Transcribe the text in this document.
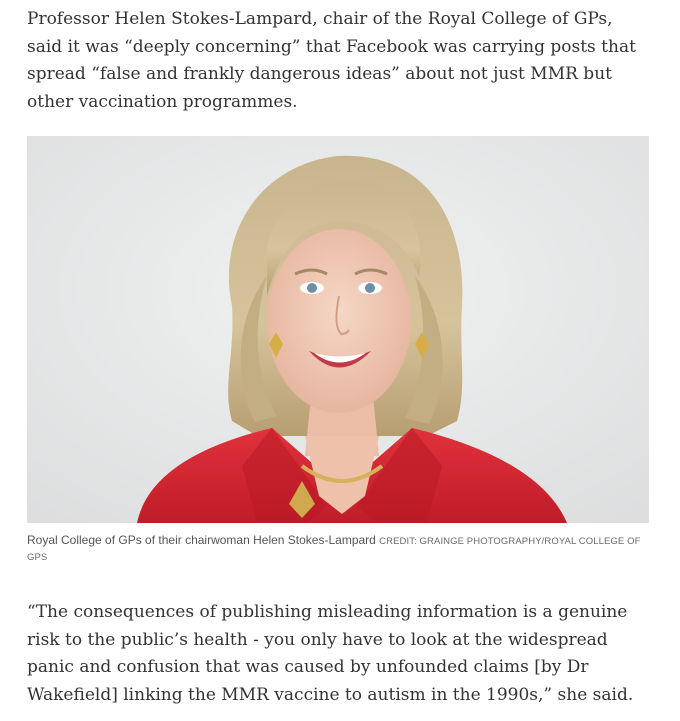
Professor Helen Stokes-Lampard, chair of the Royal College of GPs, said it was “deeply concerning” that Facebook was carrying posts that spread “false and frankly dangerous ideas” about not just MMR but other vaccination programmes.

Royal College of GPs of their chairwoman Helen Stokes-Lampard CREDIT: GRAINGE PHOTOGRAPHY/ROYAL COLLEGE OF GPS

“The consequences of publishing misleading information is a genuine risk to the public’s health - you only have to look at the widespread panic and confusion that was caused by unfounded claims [by Dr Wakefield] linking the MMR vaccine to autism in the 1990s,” she said.
